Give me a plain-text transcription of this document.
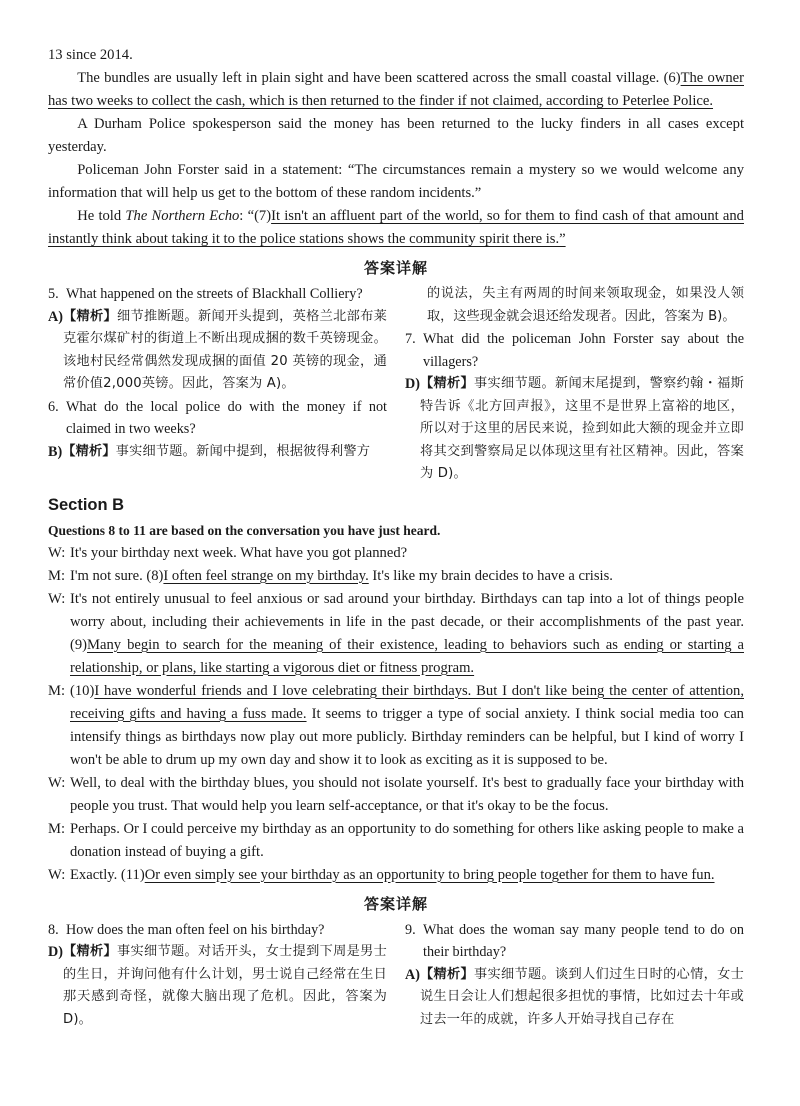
13 since 2014.

The bundles are usually left in plain sight and have been scattered across the small coastal village. (6)The owner has two weeks to collect the cash, which is then returned to the finder if not claimed, according to Peterlee Police.

A Durham Police spokesperson said the money has been returned to the lucky finders in all cases except yesterday.

Policeman John Forster said in a statement: “The circumstances remain a mystery so we would welcome any information that will help us get to the bottom of these random incidents.”

He told The Northern Echo: “(7)It isn't an affluent part of the world, so for them to find cash of that amount and instantly think about taking it to the police stations shows the community spirit there is.”

答案详解

5. What happened on the streets of Blackhall Colliery?

A) 【精析】细节推断题。新闻开头提到，英格兰北部布莱克霍尔煤矿村的街道上不断出现成捆的数千英镑现金。该地村民经常偶然发现成捆的面值 20 英镑的现金，通常价值2,000英镑。因此，答案为 A)。

6. What do the local police do with the money if not claimed in two weeks?

B) 【精析】事实细节题。新闻中提到，根据彼得利警方

的说法，失主有两周的时间来领取现金，如果没人领取，这些现金就会退还给发现者。因此，答案为 B)。

7. What did the policeman John Forster say about the villagers?

D) 【精析】事实细节题。新闻末尾提到，警察约翰・福斯特告诉《北方回声报》，这里不是世界上富裕的地区，所以对于这里的居民来说，捡到如此大额的现金并立即将其交到警察局足以体现这里有社区精神。因此，答案为 D)。

Section B
Questions 8 to 11 are based on the conversation you have just heard.

W: It's your birthday next week. What have you got planned?

M: I'm not sure. (8)I often feel strange on my birthday. It's like my brain decides to have a crisis.

W: It's not entirely unusual to feel anxious or sad around your birthday. Birthdays can tap into a lot of things people worry about, including their achievements in life in the past decade, or their accomplishments of the past year. (9)Many begin to search for the meaning of their existence, leading to behaviors such as ending or starting a relationship, or plans, like starting a vigorous diet or fitness program.

M: (10)I have wonderful friends and I love celebrating their birthdays. But I don't like being the center of attention, receiving gifts and having a fuss made. It seems to trigger a type of social anxiety. I think social media too can intensify things as birthdays now play out more publicly. Birthday reminders can be helpful, but I kind of worry I won't be able to drum up my own day and show it to look as exciting as it is supposed to be.

W: Well, to deal with the birthday blues, you should not isolate yourself. It's best to gradually face your birthday with people you trust. That would help you learn self-acceptance, or that it's okay to be the focus.

M: Perhaps. Or I could perceive my birthday as an opportunity to do something for others like asking people to make a donation instead of buying a gift.

W: Exactly. (11)Or even simply see your birthday as an opportunity to bring people together for them to have fun.

答案详解

8. How does the man often feel on his birthday?

D) 【精析】事实细节题。对话开头，女士提到下周是男士的生日，并询问他有什么计划，男士说自己经常在生日那天感到奇怪，就像大脑出现了危机。因此，答案为 D)。

9. What does the woman say many people tend to do on their birthday?

A) 【精析】事实细节题。谈到人们过生日时的心情，女士说生日会让人们想起很多担忧的事情，比如过去十年或过去一年的成就，许多人开始寻找自己存在
